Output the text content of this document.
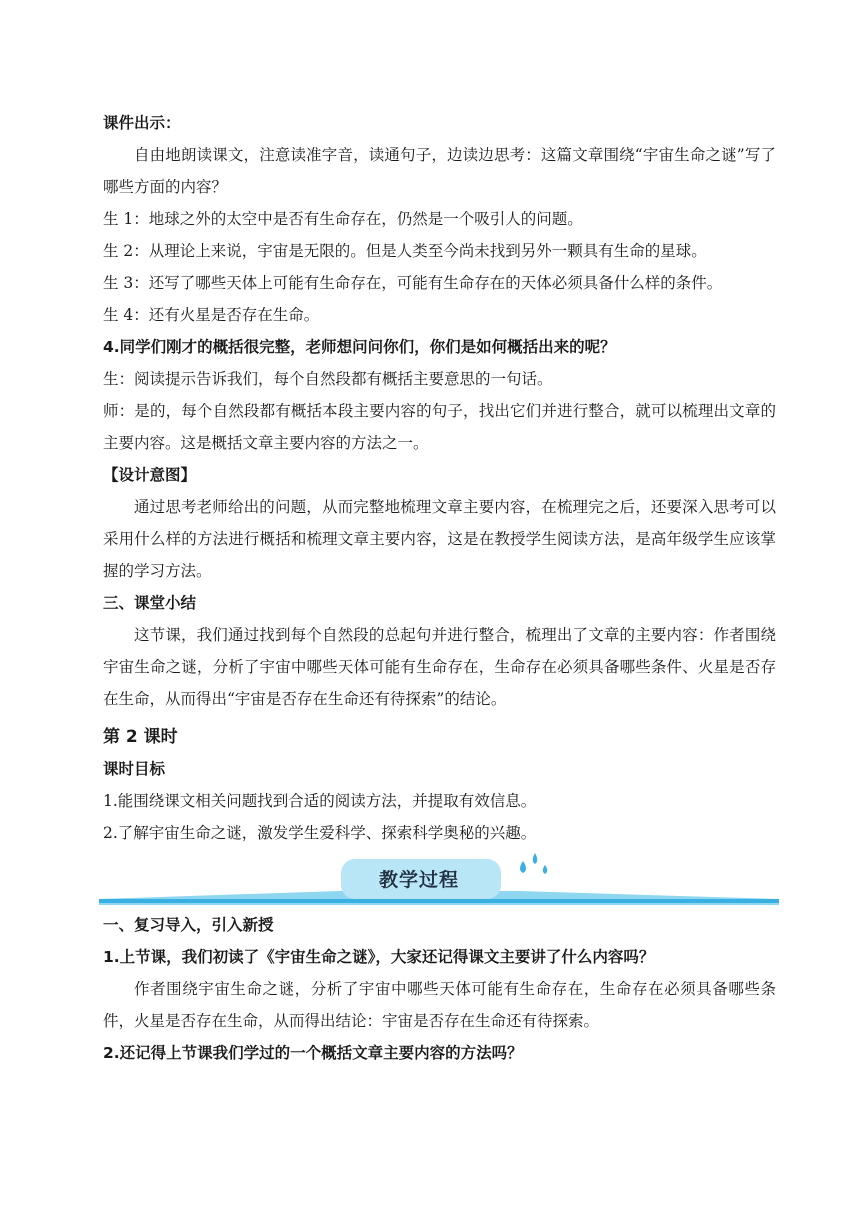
课件出示：

自由地朗读课文，注意读准字音，读通句子，边读边思考：这篇文章围绕“宇宙生命之谜”写了哪些方面的内容？

生 1：地球之外的太空中是否有生命存在，仍然是一个吸引人的问题。

生 2：从理论上来说，宇宙是无限的。但是人类至今尚未找到另外一颗具有生命的星球。

生 3：还写了哪些天体上可能有生命存在，可能有生命存在的天体必须具备什么样的条件。

生 4：还有火星是否存在生命。

4.同学们刚才的概括很完整，老师想问问你们，你们是如何概括出来的呢？

生：阅读提示告诉我们，每个自然段都有概括主要意思的一句话。

师：是的，每个自然段都有概括本段主要内容的句子，找出它们并进行整合，就可以梳理出文章的主要内容。这是概括文章主要内容的方法之一。

【设计意图】

通过思考老师给出的问题，从而完整地梳理文章主要内容，在梳理完之后，还要深入思考可以采用什么样的方法进行概括和梳理文章主要内容，这是在教授学生阅读方法，是高年级学生应该掌握的学习方法。

三、课堂小结

这节课，我们通过找到每个自然段的总起句并进行整合，梳理出了文章的主要内容：作者围绕宇宙生命之谜，分析了宇宙中哪些天体可能有生命存在，生命存在必须具备哪些条件、火星是否存在生命，从而得出“宇宙是否存在生命还有待探索”的结论。

第 2 课时

课时目标

1.能围绕课文相关问题找到合适的阅读方法，并提取有效信息。

2.了解宇宙生命之谜，激发学生爱科学、探索科学奥秘的兴趣。

教学过程

一、复习导入，引入新授

1.上节课，我们初读了《宇宙生命之谜》，大家还记得课文主要讲了什么内容吗？

作者围绕宇宙生命之谜，分析了宇宙中哪些天体可能有生命存在，生命存在必须具备哪些条件，火星是否存在生命，从而得出结论：宇宙是否存在生命还有待探索。

2.还记得上节课我们学过的一个概括文章主要内容的方法吗？
